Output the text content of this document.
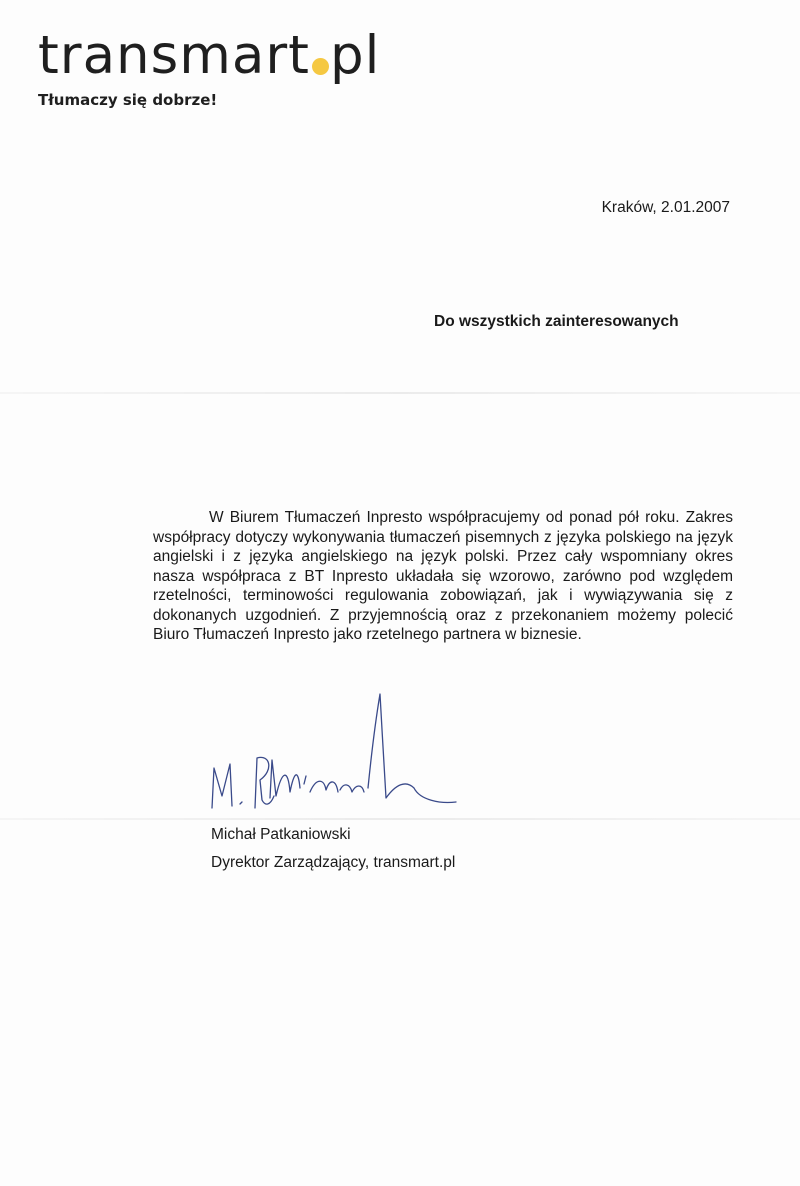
transmart pl
Tłumaczy się dobrze!
Kraków, 2.01.2007
Do wszystkich zainteresowanych

W Biurem Tłumaczeń Inpresto współpracujemy od ponad pół roku. Zakres współpracy dotyczy wykonywania tłumaczeń pisemnych z języka polskiego na język angielski i z języka angielskiego na język polski. Przez cały wspomniany okres nasza współpraca z BT Inpresto układała się wzorowo, zarówno pod względem rzetelności, terminowości regulowania zobowiązań, jak i wywiązywania się z dokonanych uzgodnień. Z przyjemnością oraz z przekonaniem możemy polecić Biuro Tłumaczeń Inpresto jako rzetelnego partnera w biznesie.

Michał Patkaniowski
Dyrektor Zarządzający, transmart.pl
